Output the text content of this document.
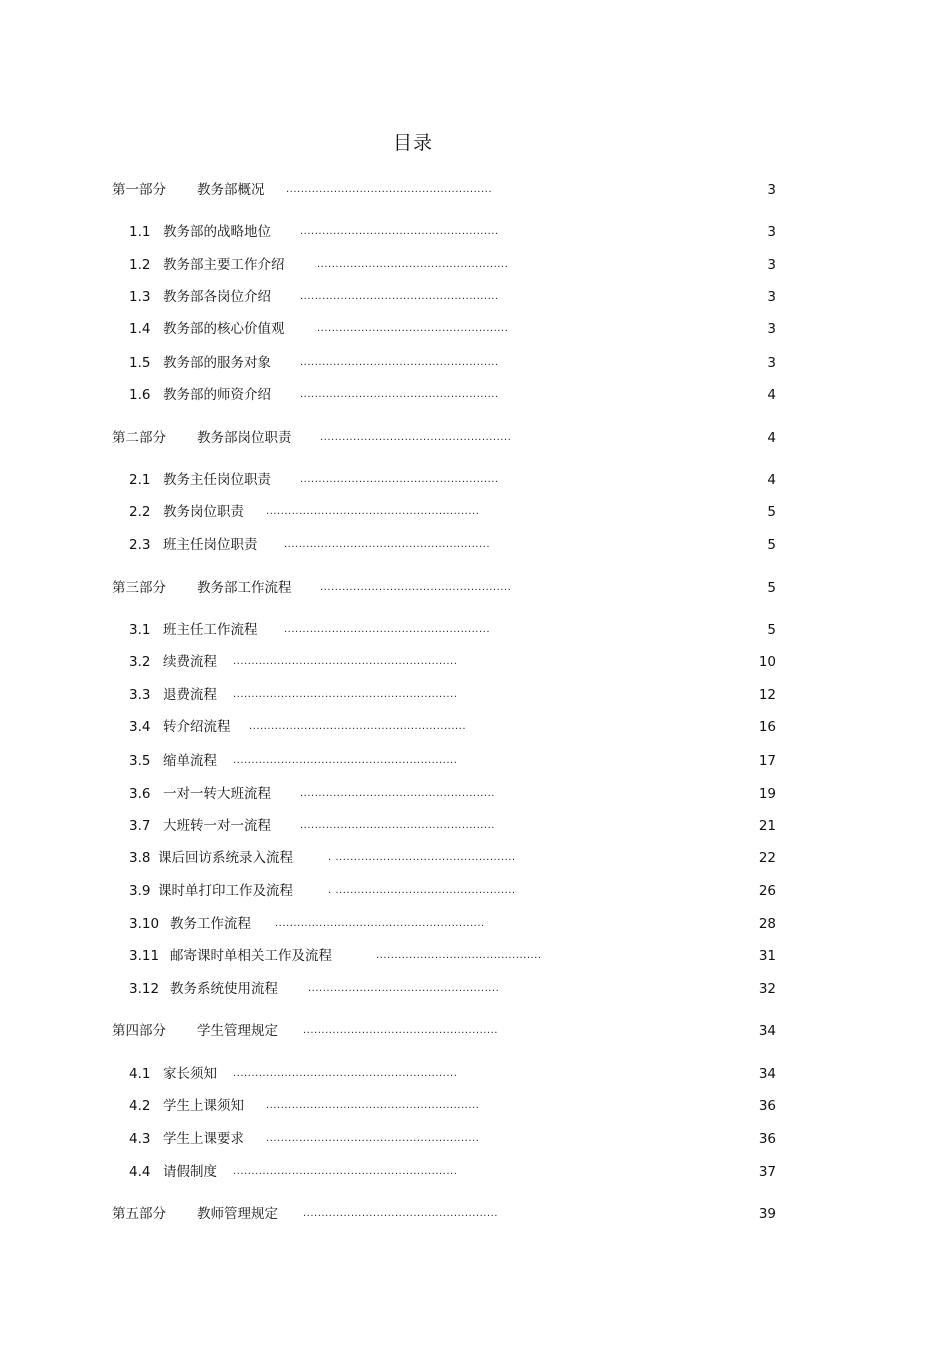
目录
第一部分 教务部概况 ........................................................	3
1.1 教务部的战略地位	......................................................	3
1.2 教务部主要工作介绍	....................................................	3
1.3 教务部各岗位介绍	......................................................	3
1.4 教务部的核心价值观	....................................................	3
1.5 教务部的服务对象	......................................................	3
1.6 教务部的师资介绍	......................................................	4
第二部分 教务部岗位职责	....................................................	4
2.1 教务主任岗位职责	......................................................	4
2.2 教务岗位职责 ..........................................................	5
2.3 班主任岗位职责	........................................................	5
第三部分 教务部工作流程	....................................................	5
3.1 班主任工作流程	........................................................	5
3.2 续费流程 .............................................................	10
3.3 退费流程 .............................................................	12
3.4 转介绍流程 ...........................................................	16
3.5 缩单流程 .............................................................	17
3.6 一对一转大班流程	.....................................................	19
3.7 大班转一对一流程	.....................................................	21
3.8 课后回访系统录入流程	. .................................................	22
3.9 课时单打印工作及流程	. .................................................	26
3.10 教务工作流程 .........................................................	28
3.11 邮寄课时单相关工作及流程	.............................................	31
3.12 教务系统使用流程	....................................................	32
第四部分 学生管理规定	.....................................................	34
4.1 家长须知 .............................................................	34
4.2 学生上课须知 ..........................................................	36
4.3 学生上课要求 ..........................................................	36
4.4 请假制度 .............................................................	37
第五部分 教师管理规定	.....................................................	39
